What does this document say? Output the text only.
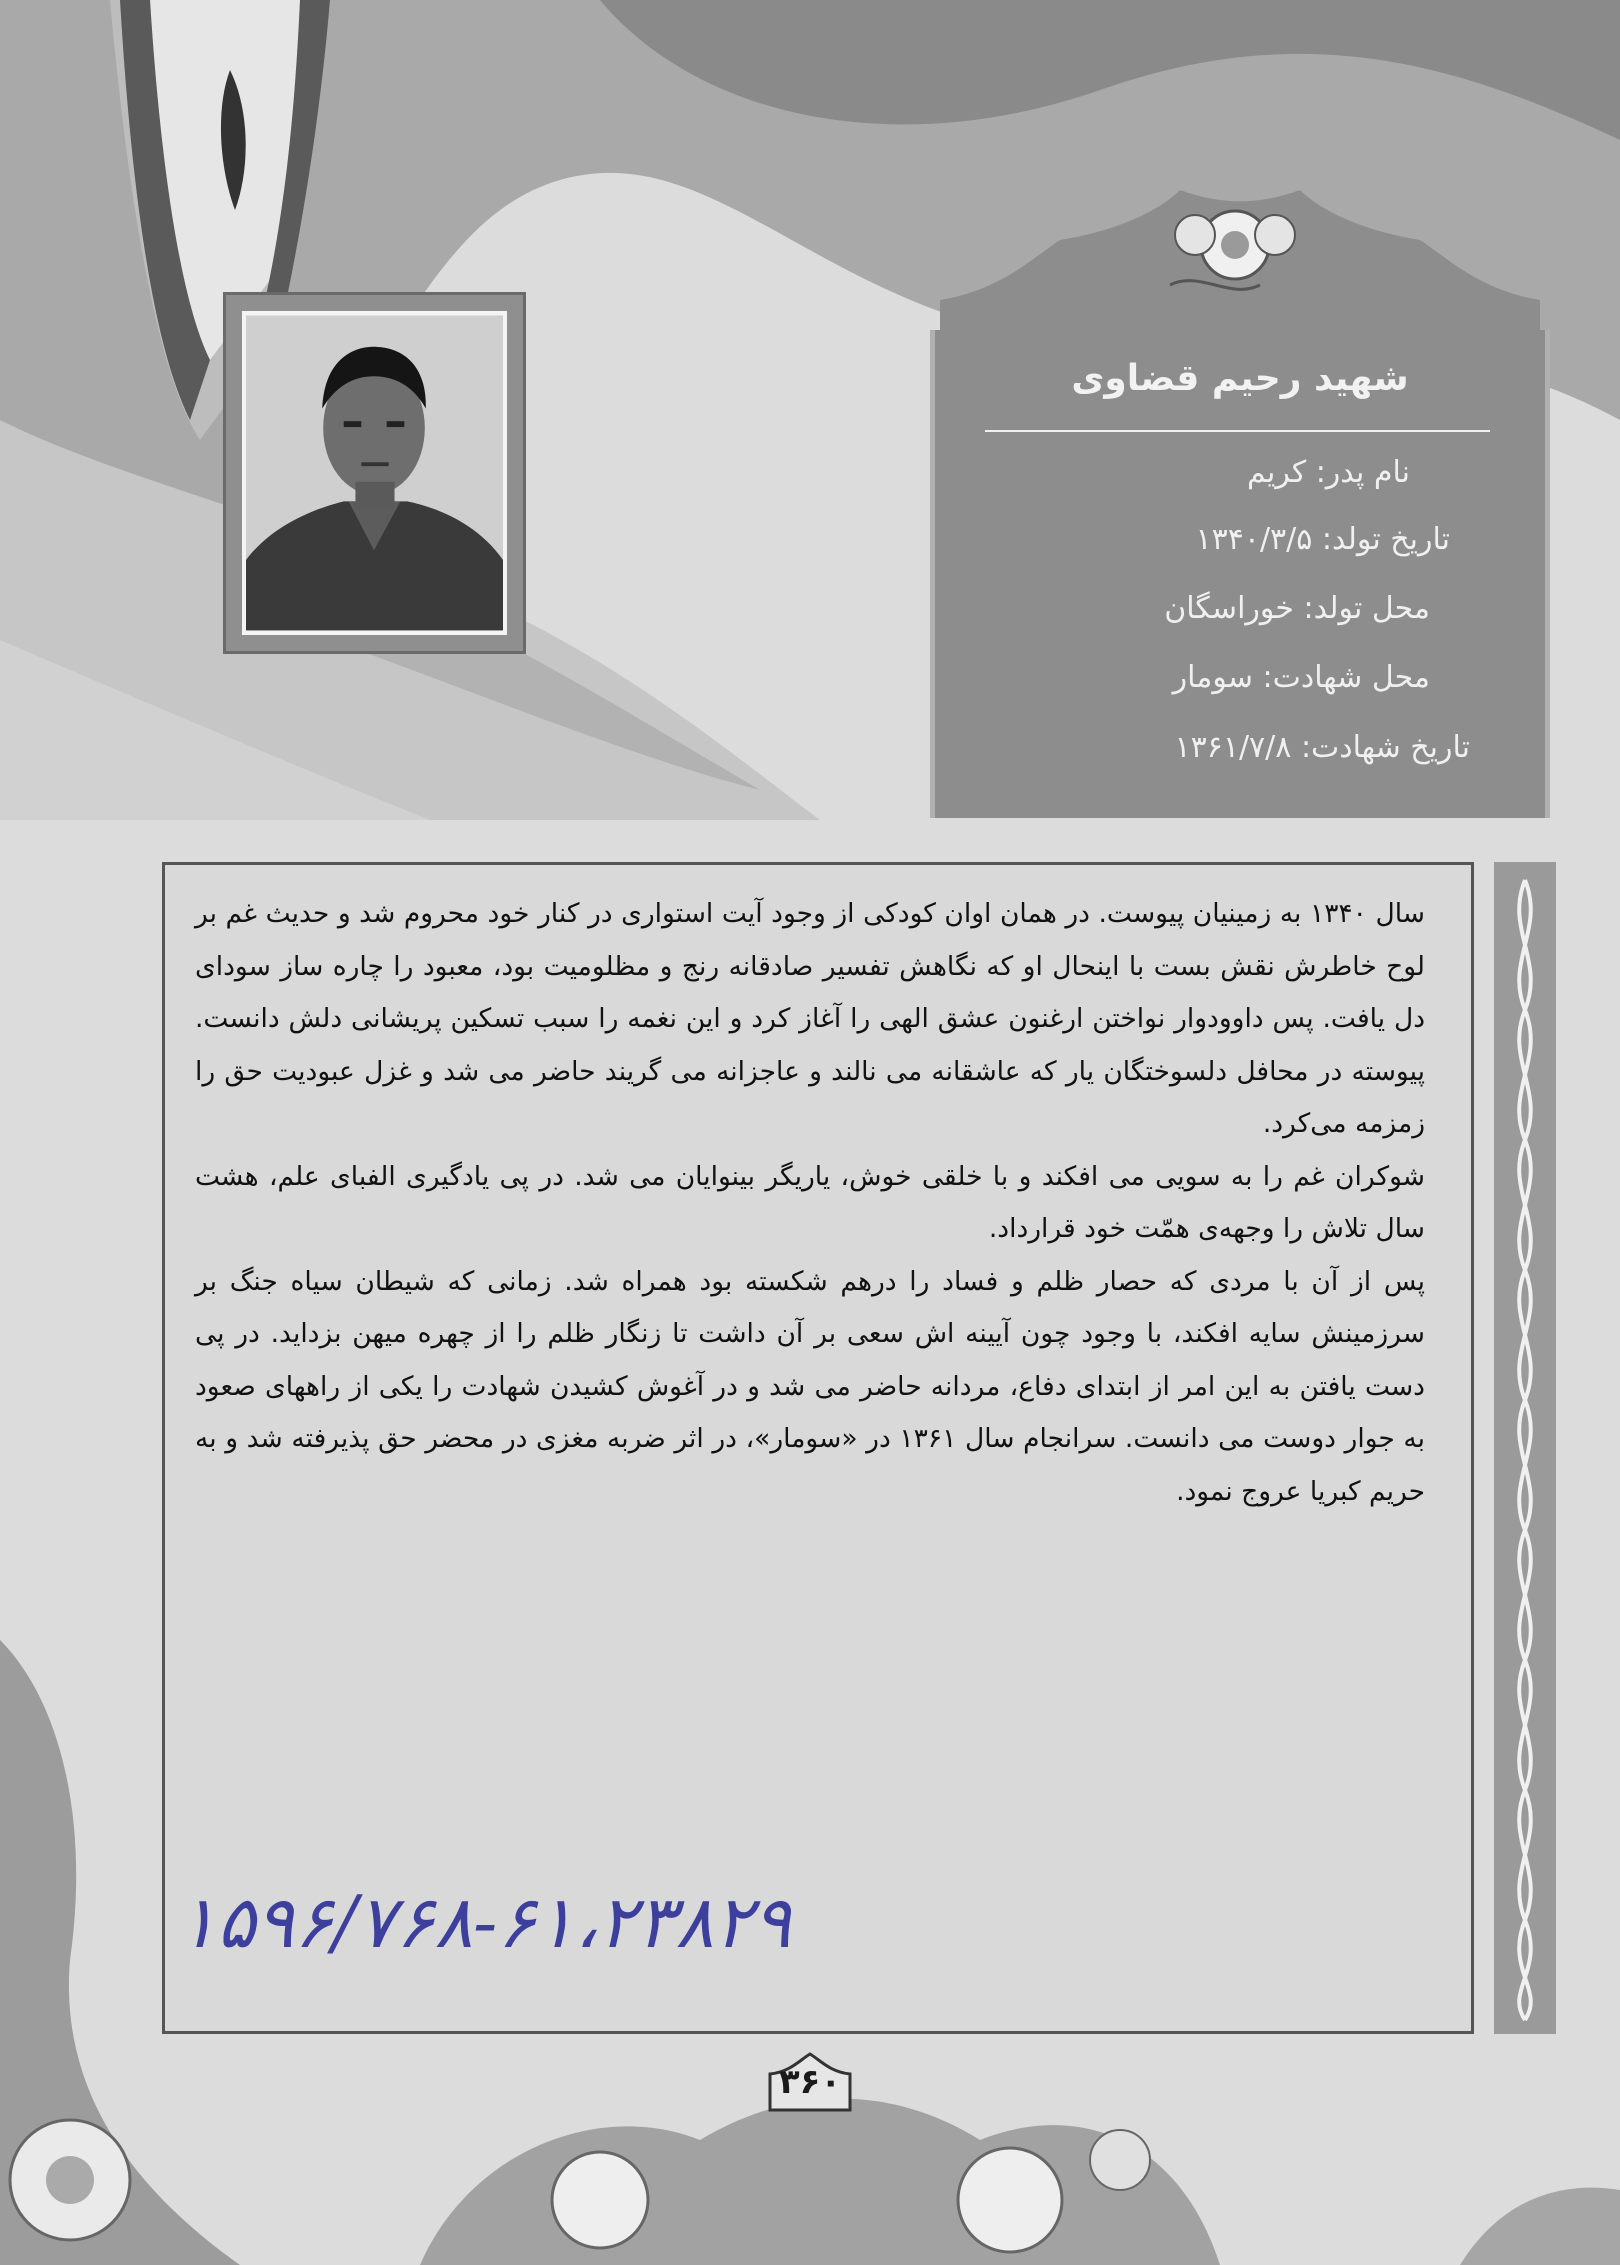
شهید رحیم قضاوی
نام پدر: کریم
تاریخ تولد: ۱۳۴۰/۳/۵
محل تولد: خوراسگان
محل شهادت: سومار
تاریخ شهادت: ۱۳۶۱/۷/۸

سال ۱۳۴۰ به زمینیان پیوست. در همان اوان کودکی از وجود آیت استواری در کنار خود محروم شد و حدیث غم بر لوح خاطرش نقش بست با اینحال او که نگاهش تفسیر صادقانه رنج و مظلومیت بود، معبود را چاره ساز سودای دل یافت. پس داوودوار نواختن ارغنون عشق الهی را آغاز کرد و این نغمه را سبب تسکین پریشانی دلش دانست. پیوسته در محافل دلسوختگان یار که عاشقانه می نالند و عاجزانه می گریند حاضر می شد و غزل عبودیت حق را زمزمه می‌کرد.

شوکران غم را به سویی می افکند و با خلقی خوش، یاریگر بینوایان می شد. در پی یادگیری الفبای علم، هشت سال تلاش را وجهه‌ی همّت خود قرارداد.

پس از آن با مردی که حصار ظلم و فساد را درهم شکسته بود همراه شد. زمانی که شیطان سیاه جنگ بر سرزمینش سایه افکند، با وجود چون آیینه اش سعی بر آن داشت تا زنگار ظلم را از چهره میهن بزداید. در پی دست یافتن به این امر از ابتدای دفاع، مردانه حاضر می شد و در آغوش کشیدن شهادت را یکی از راههای صعود به جوار دوست می دانست. سرانجام سال ۱۳۶۱ در «سومار»، در اثر ضربه مغزی در محضر حق پذیرفته شد و به حریم کبریا عروج نمود.

۱۵۹۶/۷۶۸-۶۱،۲۳۸۲۹
۳۶۰
